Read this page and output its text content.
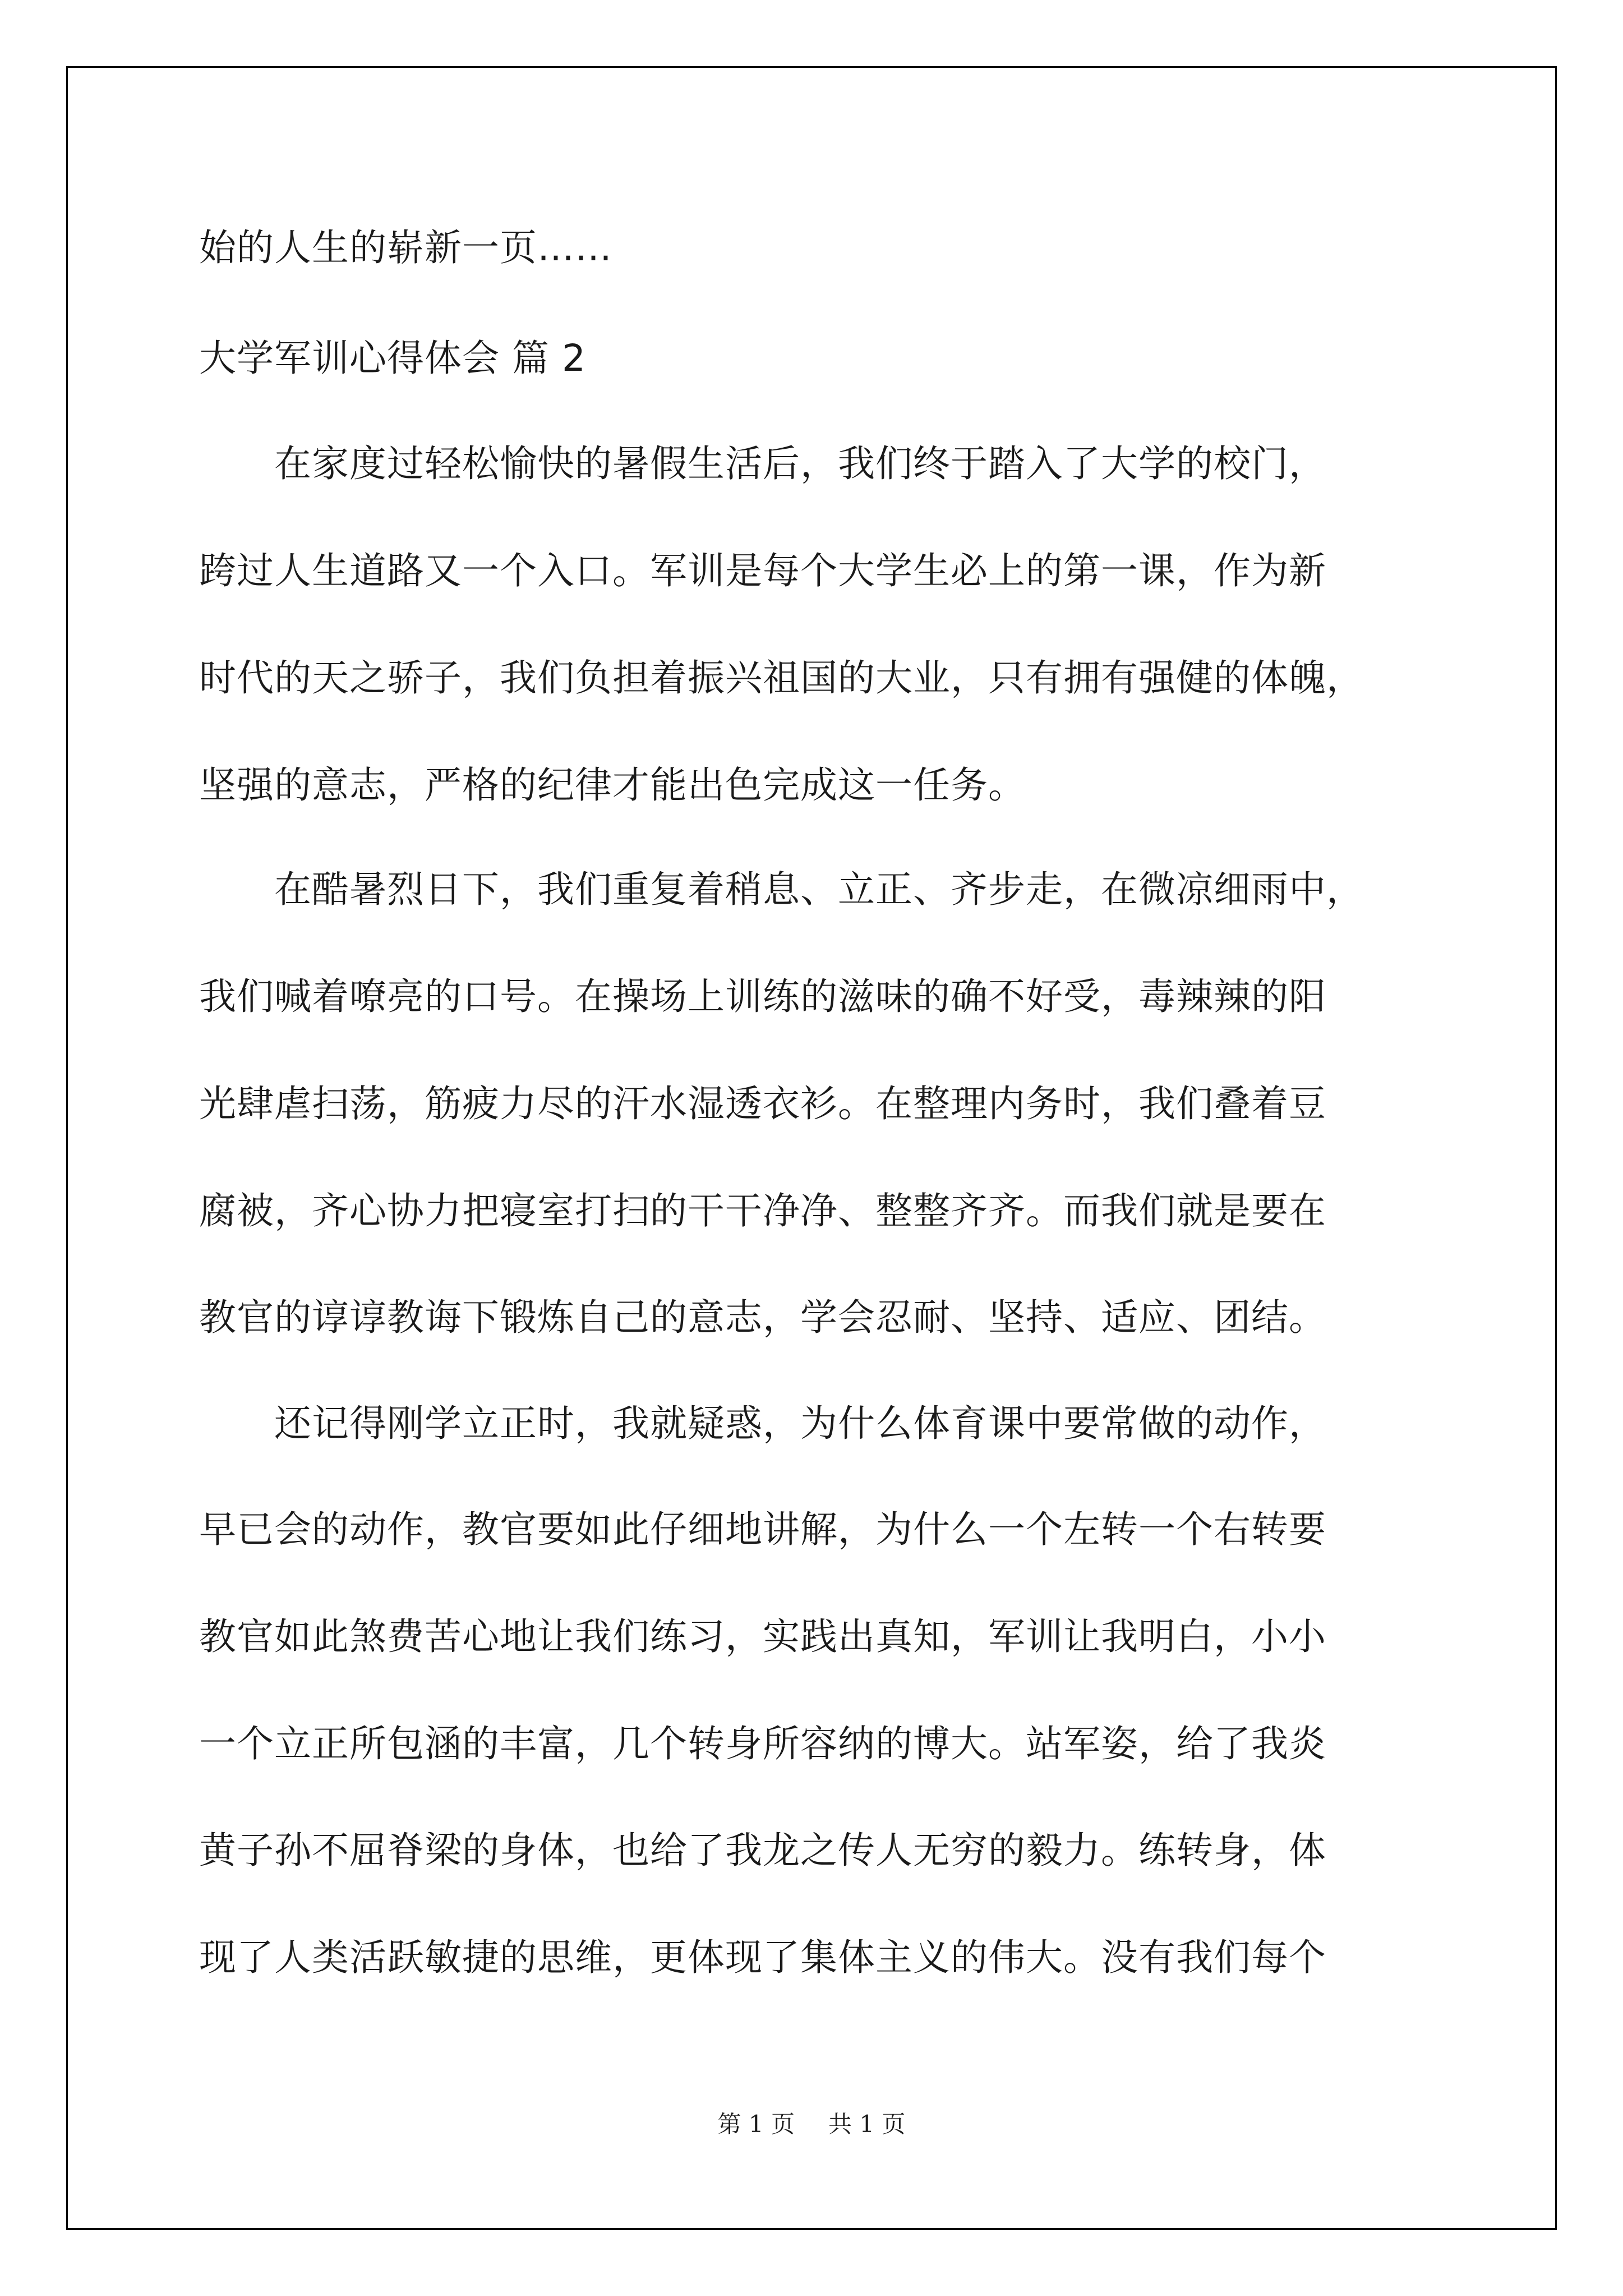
始的人生的崭新一页……
大学军训心得体会 篇 2
　　在家度过轻松愉快的暑假生活后，我们终于踏入了大学的校门，
跨过人生道路又一个入口。军训是每个大学生必上的第一课，作为新
时代的天之骄子，我们负担着振兴祖国的大业，只有拥有强健的体魄，
坚强的意志，严格的纪律才能出色完成这一任务。
　　在酷暑烈日下，我们重复着稍息、立正、齐步走，在微凉细雨中，
我们喊着嘹亮的口号。在操场上训练的滋味的确不好受，毒辣辣的阳
光肆虐扫荡，筋疲力尽的汗水湿透衣衫。在整理内务时，我们叠着豆
腐被，齐心协力把寝室打扫的干干净净、整整齐齐。而我们就是要在
教官的谆谆教诲下锻炼自己的意志，学会忍耐、坚持、适应、团结。
　　还记得刚学立正时，我就疑惑，为什么体育课中要常做的动作，
早已会的动作，教官要如此仔细地讲解，为什么一个左转一个右转要
教官如此煞费苦心地让我们练习，实践出真知，军训让我明白，小小
一个立正所包涵的丰富，几个转身所容纳的博大。站军姿，给了我炎
黄子孙不屈脊梁的身体，也给了我龙之传人无穷的毅力。练转身，体
现了人类活跃敏捷的思维，更体现了集体主义的伟大。没有我们每个
第 1 页 共 1 页
